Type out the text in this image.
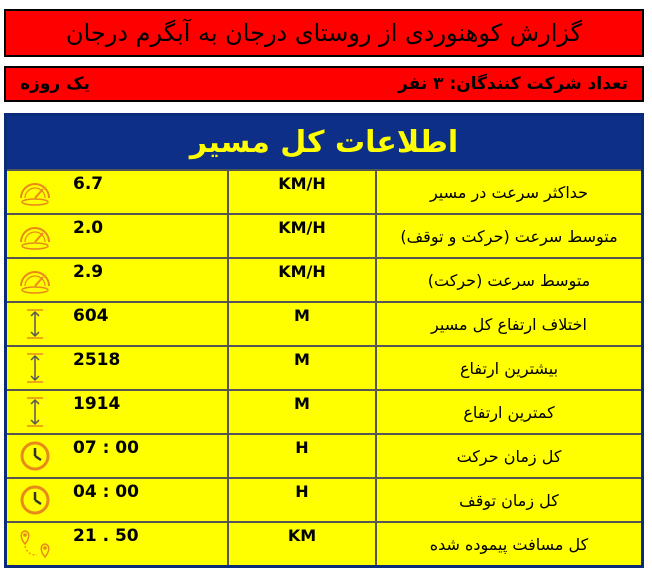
گزارش کوهنوردی از روستای درجان به آبگرم درجان
تعداد شرکت کنندگان: ۳ نفر
یک روزه
اطلاعات کل مسیر
حداکثر سرعت در مسیر
KM/H
6.7
متوسط سرعت (حرکت و توقف)
KM/H
2.0
متوسط سرعت (حرکت)
KM/H
2.9
اختلاف ارتفاع کل مسیر
M
604
بیشترین ارتفاع
M
2518
کمترین ارتفاع
M
1914
کل زمان حرکت
H
07 : 00
کل زمان توقف
H
04 : 00
کل مسافت پیموده شده
KM
21 . 50
